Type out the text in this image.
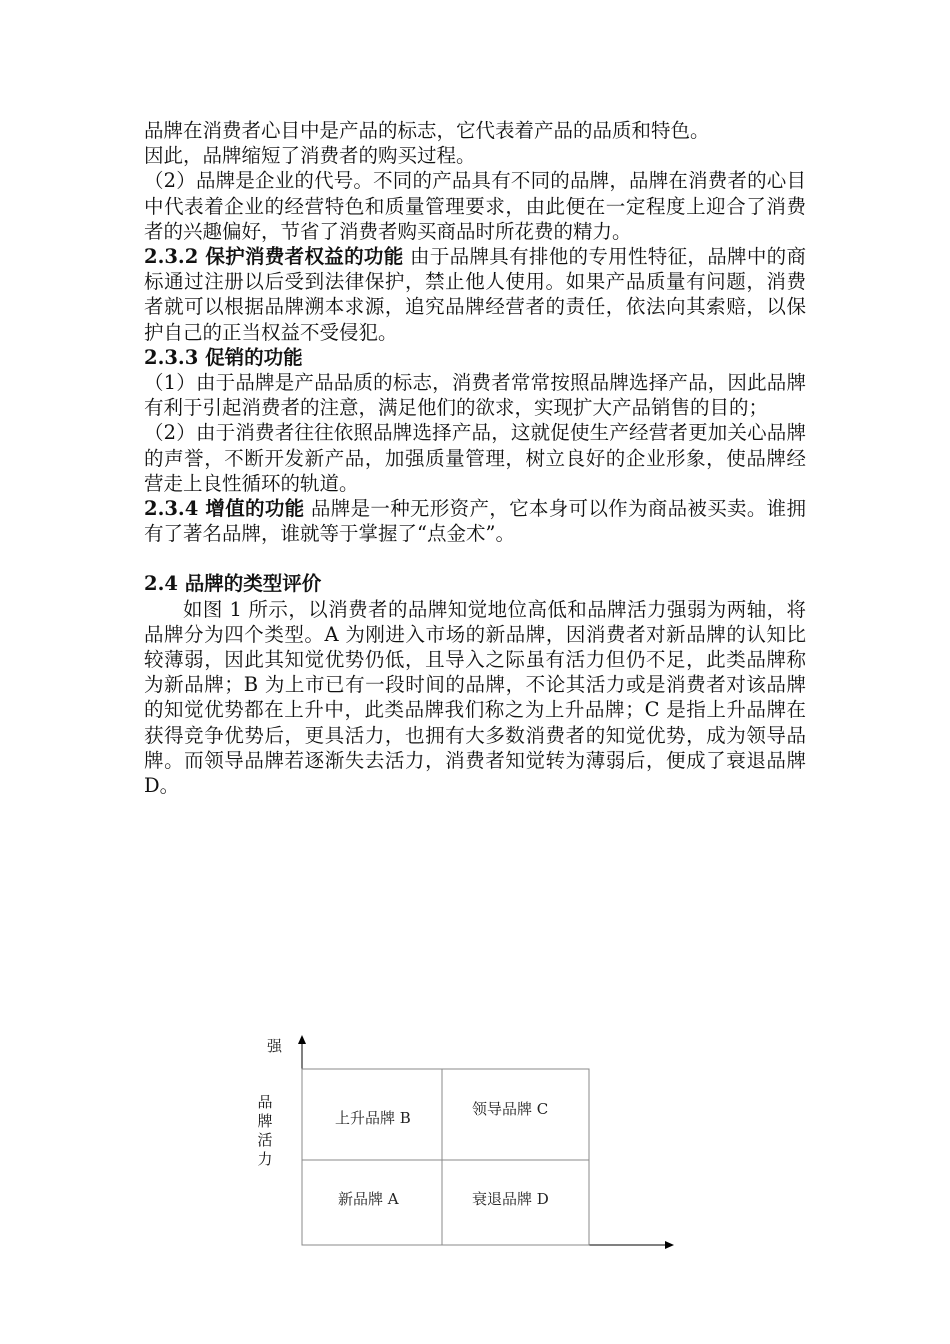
品牌在消费者心目中是产品的标志，它代表着产品的品质和特色。

因此，品牌缩短了消费者的购买过程。

（2）品牌是企业的代号。不同的产品具有不同的品牌，品牌在消费者的心目中代表着企业的经营特色和质量管理要求，由此便在一定程度上迎合了消费者的兴趣偏好，节省了消费者购买商品时所花费的精力。

2.3.2 保护消费者权益的功能 由于品牌具有排他的专用性特征，品牌中的商标通过注册以后受到法律保护，禁止他人使用。如果产品质量有问题，消费者就可以根据品牌溯本求源，追究品牌经营者的责任，依法向其索赔，以保护自己的正当权益不受侵犯。

2.3.3 促销的功能

（1）由于品牌是产品品质的标志，消费者常常按照品牌选择产品，因此品牌有利于引起消费者的注意，满足他们的欲求，实现扩大产品销售的目的；

（2）由于消费者往往依照品牌选择产品，这就促使生产经营者更加关心品牌的声誉，不断开发新产品，加强质量管理，树立良好的企业形象，使品牌经营走上良性循环的轨道。

2.3.4 增值的功能 品牌是一种无形资产，它本身可以作为商品被买卖。谁拥有了著名品牌，谁就等于掌握了“点金术”。

2.4 品牌的类型评价

如图 1 所示，以消费者的品牌知觉地位高低和品牌活力强弱为两轴，将品牌分为四个类型。A 为刚进入市场的新品牌，因消费者对新品牌的认知比较薄弱，因此其知觉优势仍低，且导入之际虽有活力但仍不足，此类品牌称为新品牌；B 为上市已有一段时间的品牌，不论其活力或是消费者对该品牌的知觉优势都在上升中，此类品牌我们称之为上升品牌；C 是指上升品牌在获得竞争优势后，更具活力，也拥有大多数消费者的知觉优势，成为领导品牌。而领导品牌若逐渐失去活力，消费者知觉转为薄弱后，便成了衰退品牌 D。

强
品
牌
活
力
上升品牌 B	领导品牌 C
新品牌 A	衰退品牌 D
